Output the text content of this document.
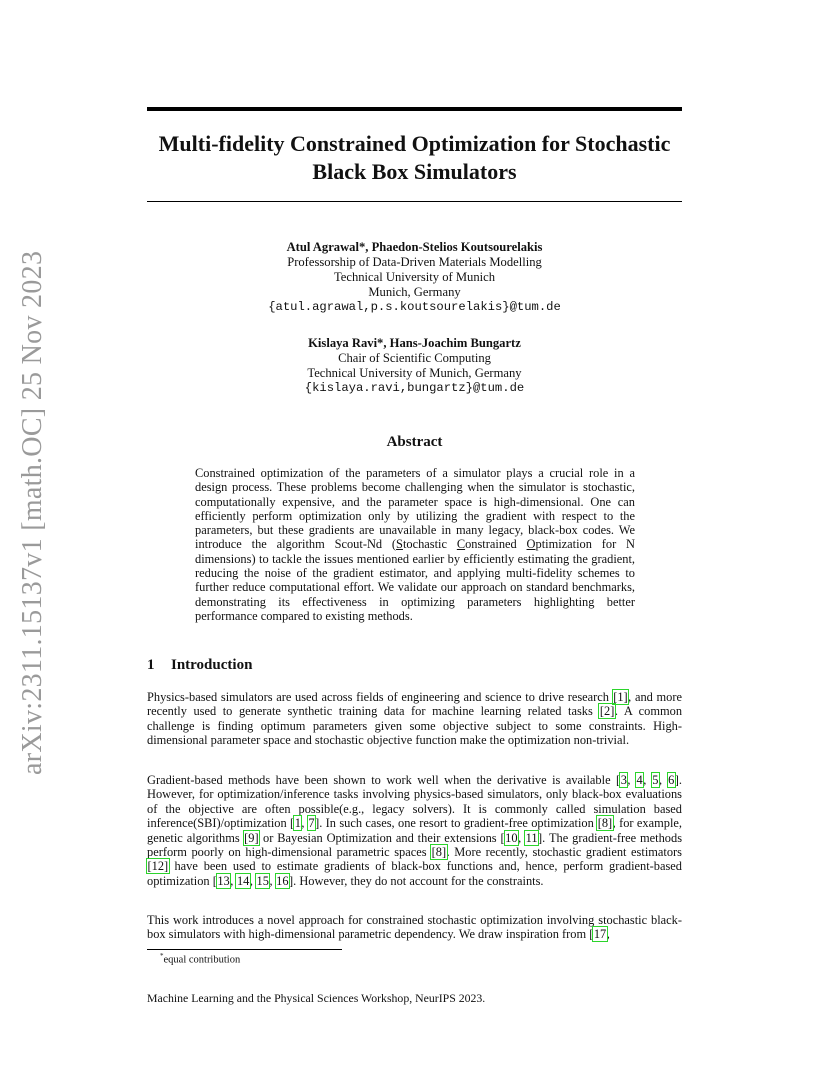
arXiv:2311.15137v1 [math.OC] 25 Nov 2023
Multi-fidelity Constrained Optimization for Stochastic
Black Box Simulators
Atul Agrawal*, Phaedon-Stelios Koutsourelakis
Professorship of Data-Driven Materials Modelling
Technical University of Munich
Munich, Germany
{atul.agrawal,p.s.koutsourelakis}@tum.de
Kislaya Ravi*, Hans-Joachim Bungartz
Chair of Scientific Computing
Technical University of Munich, Germany
{kislaya.ravi,bungartz}@tum.de
Abstract

Constrained optimization of the parameters of a simulator plays a crucial role in a design process. These problems become challenging when the simulator is stochastic, computationally expensive, and the parameter space is high-dimensional. One can efficiently perform optimization only by utilizing the gradient with respect to the parameters, but these gradients are unavailable in many legacy, black-box codes. We introduce the algorithm Scout-Nd (Stochastic Constrained Optimization for N dimensions) to tackle the issues mentioned earlier by efficiently estimating the gradient, reducing the noise of the gradient estimator, and applying multi-fidelity schemes to further reduce computational effort. We validate our approach on standard benchmarks, demonstrating its effectiveness in optimizing parameters highlighting better performance compared to existing methods.

1 Introduction

Physics-based simulators are used across fields of engineering and science to drive research [1], and more recently used to generate synthetic training data for machine learning related tasks [2]. A common challenge is finding optimum parameters given some objective subject to some constraints. High-dimensional parameter space and stochastic objective function make the optimization non-trivial.

Gradient-based methods have been shown to work well when the derivative is available [3, 4, 5, 6]. However, for optimization/inference tasks involving physics-based simulators, only black-box evaluations of the objective are often possible(e.g., legacy solvers). It is commonly called simulation based inference(SBI)/optimization [1, 7]. In such cases, one resort to gradient-free optimization [8], for example, genetic algorithms [9] or Bayesian Optimization and their extensions [10, 11]. The gradient-free methods perform poorly on high-dimensional parametric spaces [8]. More recently, stochastic gradient estimators [12] have been used to estimate gradients of black-box functions and, hence, perform gradient-based optimization [13, 14, 15, 16]. However, they do not account for the constraints.

This work introduces a novel approach for constrained stochastic optimization involving stochastic black-box simulators with high-dimensional parametric dependency. We draw inspiration from [17,

*equal contribution

Machine Learning and the Physical Sciences Workshop, NeurIPS 2023.
